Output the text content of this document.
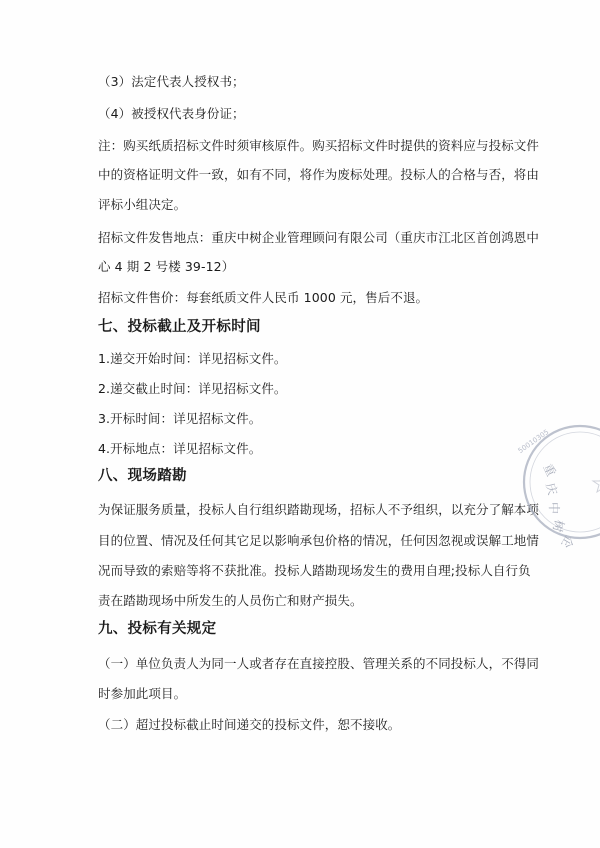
（3）法定代表人授权书；
（4）被授权代表身份证；
注：购买纸质招标文件时须审核原件。购买招标文件时提供的资料应与投标文件
中的资格证明文件一致，如有不同，将作为废标处理。投标人的合格与否，将由
评标小组决定。
招标文件发售地点：重庆中树企业管理顾问有限公司（重庆市江北区首创鸿恩中
心 4 期 2 号楼 39-12）
招标文件售价：每套纸质文件人民币 1000 元，售后不退。
七、投标截止及开标时间
1.递交开始时间：详见招标文件。
2.递交截止时间：详见招标文件。
3.开标时间：详见招标文件。
4.开标地点：详见招标文件。
八、现场踏勘
为保证服务质量，投标人自行组织踏勘现场，招标人不予组织，以充分了解本项
目的位置、情况及任何其它足以影响承包价格的情况，任何因忽视或误解工地情
况而导致的索赔等将不获批准。投标人踏勘现场发生的费用自理;投标人自行负
责在踏勘现场中所发生的人员伤亡和财产损失。
九、投标有关规定
（一）单位负责人为同一人或者存在直接控股、管理关系的不同投标人，不得同
时参加此项目。
（二）超过投标截止时间递交的投标文件，恕不接收。
50010305
重
庆
中
树
企
